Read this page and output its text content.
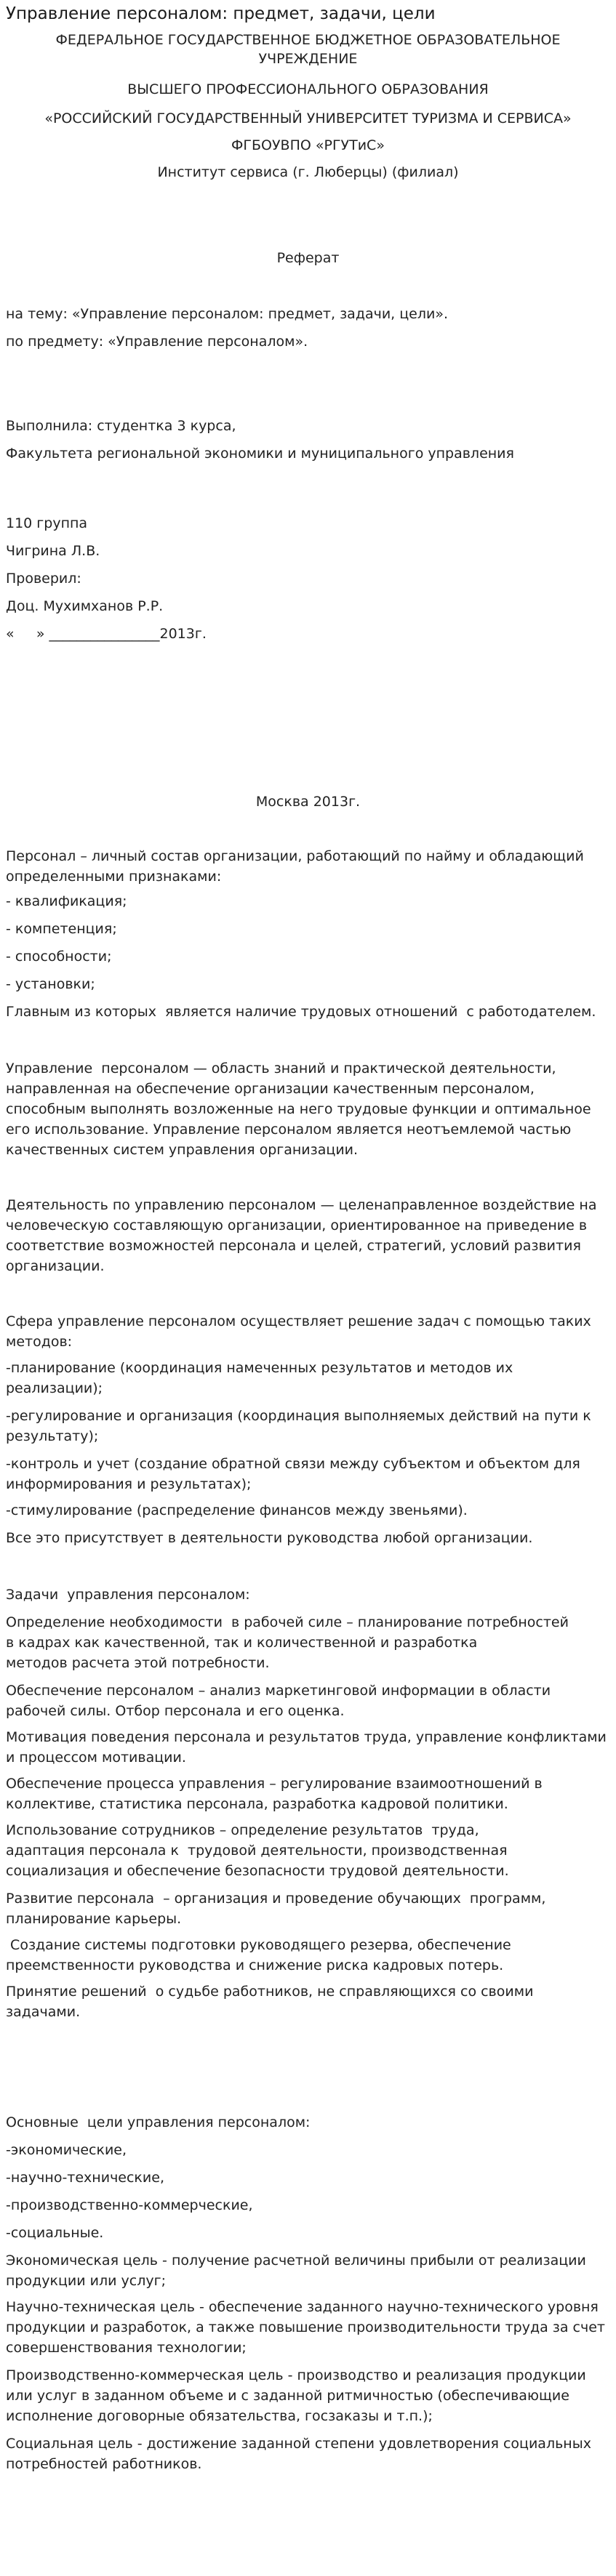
Управление персоналом: предмет, задачи, цели
ФЕДЕРАЛЬНОЕ ГОСУДАРСТВЕННОЕ БЮДЖЕТНОЕ ОБРАЗОВАТЕЛЬНОЕ
УЧРЕЖДЕНИЕ
ВЫСШЕГО ПРОФЕССИОНАЛЬНОГО ОБРАЗОВАНИЯ
«РОССИЙСКИЙ ГОСУДАРСТВЕННЫЙ УНИВЕРСИТЕТ ТУРИЗМА И СЕРВИСА»
ФГБОУВПО «РГУТиС»
Институт сервиса (г. Люберцы) (филиал)
Реферат
на тему: «Управление персоналом: предмет, задачи, цели».
по предмету: «Управление персоналом».
Выполнила: студентка 3 курса,
Факультета региональной экономики и муниципального управления
110 группа
Чигрина Л.В.
Проверил:
Доц. Мухимханов Р.Р.
«     » ________________2013г.
Москва 2013г.
Персонал – личный состав организации, работающий по найму и обладающий определенными признаками:
- квалификация;
- компетенция;
- способности;
- установки;
Главным из которых  является наличие трудовых отношений  с работодателем.
Управление  персоналом — область знаний и практической деятельности, направленная на обеспечение организации качественным персоналом, способным выполнять возложенные на него трудовые функции и оптимальное его использование. Управление персоналом является неотъемлемой частью качественных систем управления организации.
Деятельность по управлению персоналом — целенаправленное воздействие на человеческую составляющую организации, ориентированное на приведение в соответствие возможностей персонала и целей, стратегий, условий развития организации.
Сфера управление персоналом осуществляет решение задач с помощью таких методов:
-планирование (координация намеченных результатов и методов их реализации);
-регулирование и организация (координация выполняемых действий на пути к результату);
-контроль и учет (создание обратной связи между субъектом и объектом для информирования и результатах);
-стимулирование (распределение финансов между звеньями).
Все это присутствует в деятельности руководства любой организации.
Задачи  управления персоналом:
Определение необходимости  в рабочей силе – планирование потребностей
в кадрах как качественной, так и количественной и разработка
методов расчета этой потребности.
Обеспечение персоналом – анализ маркетинговой информации в области рабочей силы. Отбор персонала и его оценка.
Мотивация поведения персонала и результатов труда, управление конфликтами и процессом мотивации.
Обеспечение процесса управления – регулирование взаимоотношений в коллективе, статистика персонала, разработка кадровой политики.
Использование сотрудников – определение результатов  труда,
адаптация персонала к  трудовой деятельности, производственная
социализация и обеспечение безопасности трудовой деятельности.
Развитие персонала  – организация и проведение обучающих  программ, планирование карьеры.
Создание системы подготовки руководящего резерва, обеспечение преемственности руководства и снижение риска кадровых потерь.
Принятие решений  о судьбе работников, не справляющихся со своими задачами.
Основные  цели управления персоналом:
-экономические,
-научно-технические,
-производственно-коммерческие,
-социальные.
Экономическая цель - получение расчетной величины прибыли от реализации продукции или услуг;
Научно-техническая цель - обеспечение заданного научно-технического уровня продукции и разработок, а также повышение производительности труда за счет совершенствования технологии;
Производственно-коммерческая цель - производство и реализация продукции или услуг в заданном объеме и с заданной ритмичностью (обеспечивающие исполнение договорные обязательства, госзаказы и т.п.);
Социальная цель - достижение заданной степени удовлетворения социальных потребностей работников.
